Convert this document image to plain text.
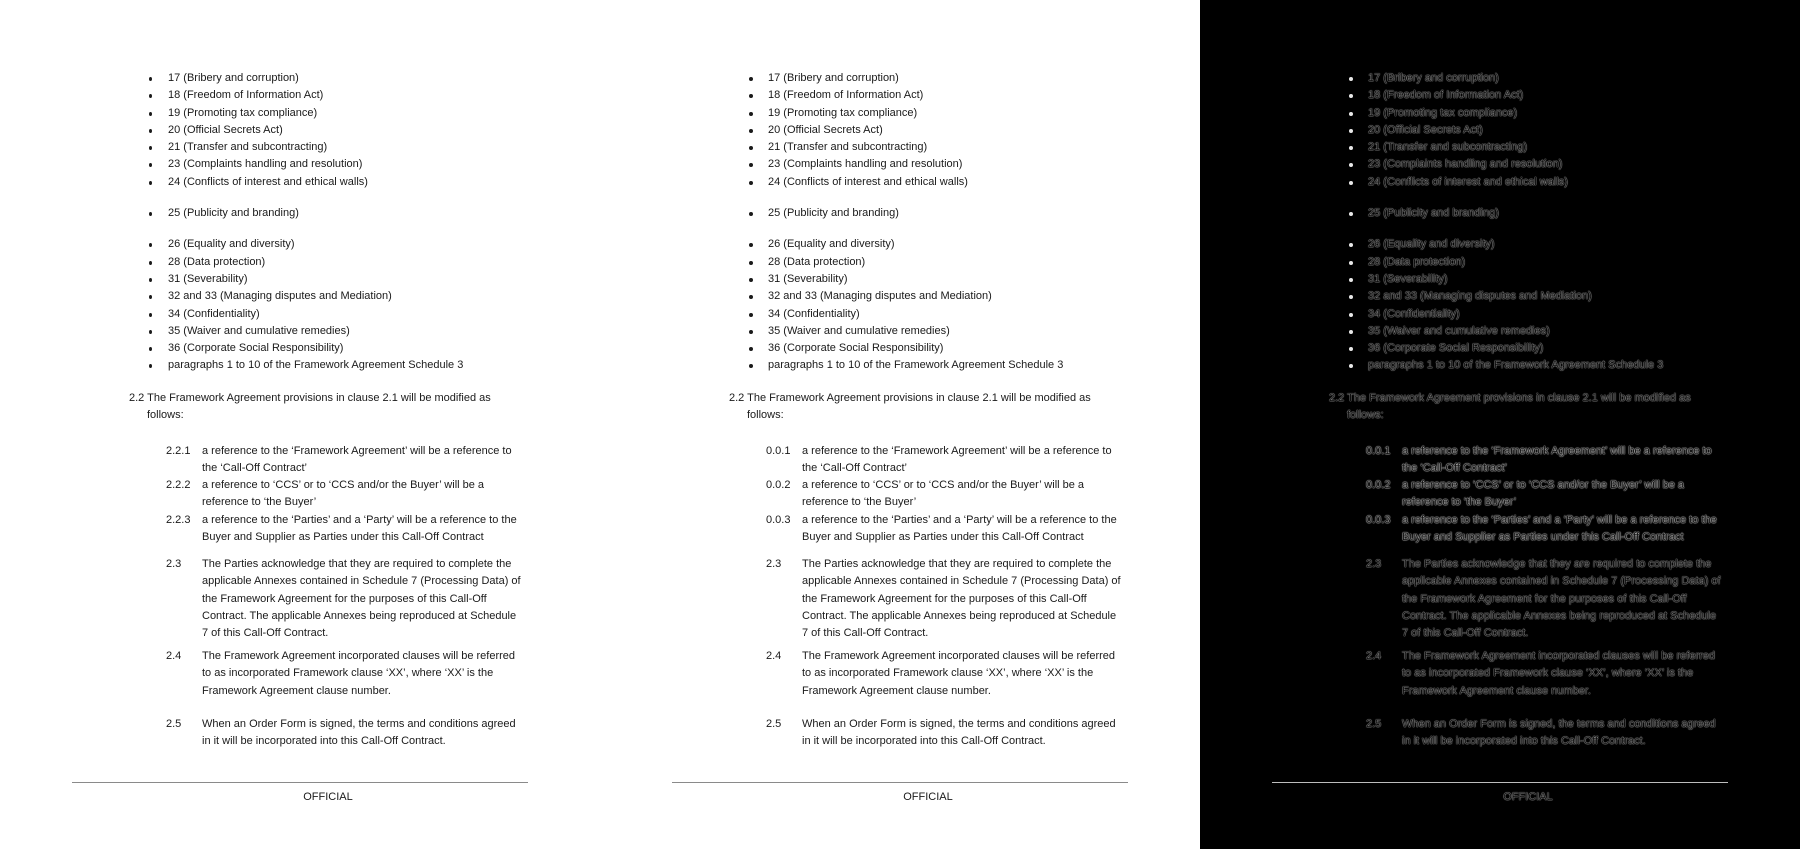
17 (Bribery and corruption)
18 (Freedom of Information Act)
19 (Promoting tax compliance)
20 (Official Secrets Act)
21 (Transfer and subcontracting)
23 (Complaints handling and resolution)
24 (Conflicts of interest and ethical walls)
25 (Publicity and branding)
26 (Equality and diversity)
28 (Data protection)
31 (Severability)
32 and 33 (Managing disputes and Mediation)
34 (Confidentiality)
35 (Waiver and cumulative remedies)
36 (Corporate Social Responsibility)
paragraphs 1 to 10 of the Framework Agreement Schedule 3
2.2 The Framework Agreement provisions in clause 2.1 will be modified as
follows:
2.2.1	a reference to the ‘Framework Agreement’ will be a reference to
the ‘Call-Off Contract’
2.2.2	a reference to ‘CCS’ or to ‘CCS and/or the Buyer’ will be a
reference to ‘the Buyer’
2.2.3	a reference to the ‘Parties’ and a ‘Party’ will be a reference to the
Buyer and Supplier as Parties under this Call-Off Contract
2.3 The Parties acknowledge that they are required to complete the
applicable Annexes contained in Schedule 7 (Processing Data) of
the Framework Agreement for the purposes of this Call-Off
Contract. The applicable Annexes being reproduced at Schedule
7 of this Call-Off Contract.
2.4 The Framework Agreement incorporated clauses will be referred
to as incorporated Framework clause ‘XX’, where ‘XX’ is the
Framework Agreement clause number.
2.5 When an Order Form is signed, the terms and conditions agreed
in it will be incorporated into this Call-Off Contract.
OFFICIAL
17 (Bribery and corruption)
18 (Freedom of Information Act)
19 (Promoting tax compliance)
20 (Official Secrets Act)
21 (Transfer and subcontracting)
23 (Complaints handling and resolution)
24 (Conflicts of interest and ethical walls)
25 (Publicity and branding)
26 (Equality and diversity)
28 (Data protection)
31 (Severability)
32 and 33 (Managing disputes and Mediation)
34 (Confidentiality)
35 (Waiver and cumulative remedies)
36 (Corporate Social Responsibility)
paragraphs 1 to 10 of the Framework Agreement Schedule 3
2.2 The Framework Agreement provisions in clause 2.1 will be modified as
follows:
0.0.1	a reference to the ‘Framework Agreement’ will be a reference to
the ‘Call-Off Contract’
0.0.2	a reference to ‘CCS’ or to ‘CCS and/or the Buyer’ will be a
reference to ‘the Buyer’
0.0.3	a reference to the ‘Parties’ and a ‘Party’ will be a reference to the
Buyer and Supplier as Parties under this Call-Off Contract
2.3 The Parties acknowledge that they are required to complete the
applicable Annexes contained in Schedule 7 (Processing Data) of
the Framework Agreement for the purposes of this Call-Off
Contract. The applicable Annexes being reproduced at Schedule
7 of this Call-Off Contract.
2.4 The Framework Agreement incorporated clauses will be referred
to as incorporated Framework clause ‘XX’, where ‘XX’ is the
Framework Agreement clause number.
2.5 When an Order Form is signed, the terms and conditions agreed
in it will be incorporated into this Call-Off Contract.
OFFICIAL
17 (Bribery and corruption)
18 (Freedom of Information Act)
19 (Promoting tax compliance)
20 (Official Secrets Act)
21 (Transfer and subcontracting)
23 (Complaints handling and resolution)
24 (Conflicts of interest and ethical walls)
25 (Publicity and branding)
26 (Equality and diversity)
28 (Data protection)
31 (Severability)
32 and 33 (Managing disputes and Mediation)
34 (Confidentiality)
35 (Waiver and cumulative remedies)
36 (Corporate Social Responsibility)
paragraphs 1 to 10 of the Framework Agreement Schedule 3
2.2 The Framework Agreement provisions in clause 2.1 will be modified as
follows:
0.0.1	a reference to the ‘Framework Agreement’ will be a reference to
the ‘Call-Off Contract’
0.0.2	a reference to ‘CCS’ or to ‘CCS and/or the Buyer’ will be a
reference to ‘the Buyer’
0.0.3	a reference to the ‘Parties’ and a ‘Party’ will be a reference to the
Buyer and Supplier as Parties under this Call-Off Contract
2.3 The Parties acknowledge that they are required to complete the
applicable Annexes contained in Schedule 7 (Processing Data) of
the Framework Agreement for the purposes of this Call-Off
Contract. The applicable Annexes being reproduced at Schedule
7 of this Call-Off Contract.
2.4 The Framework Agreement incorporated clauses will be referred
to as incorporated Framework clause ‘XX’, where ‘XX’ is the
Framework Agreement clause number.
2.5 When an Order Form is signed, the terms and conditions agreed
in it will be incorporated into this Call-Off Contract.
OFFICIAL
